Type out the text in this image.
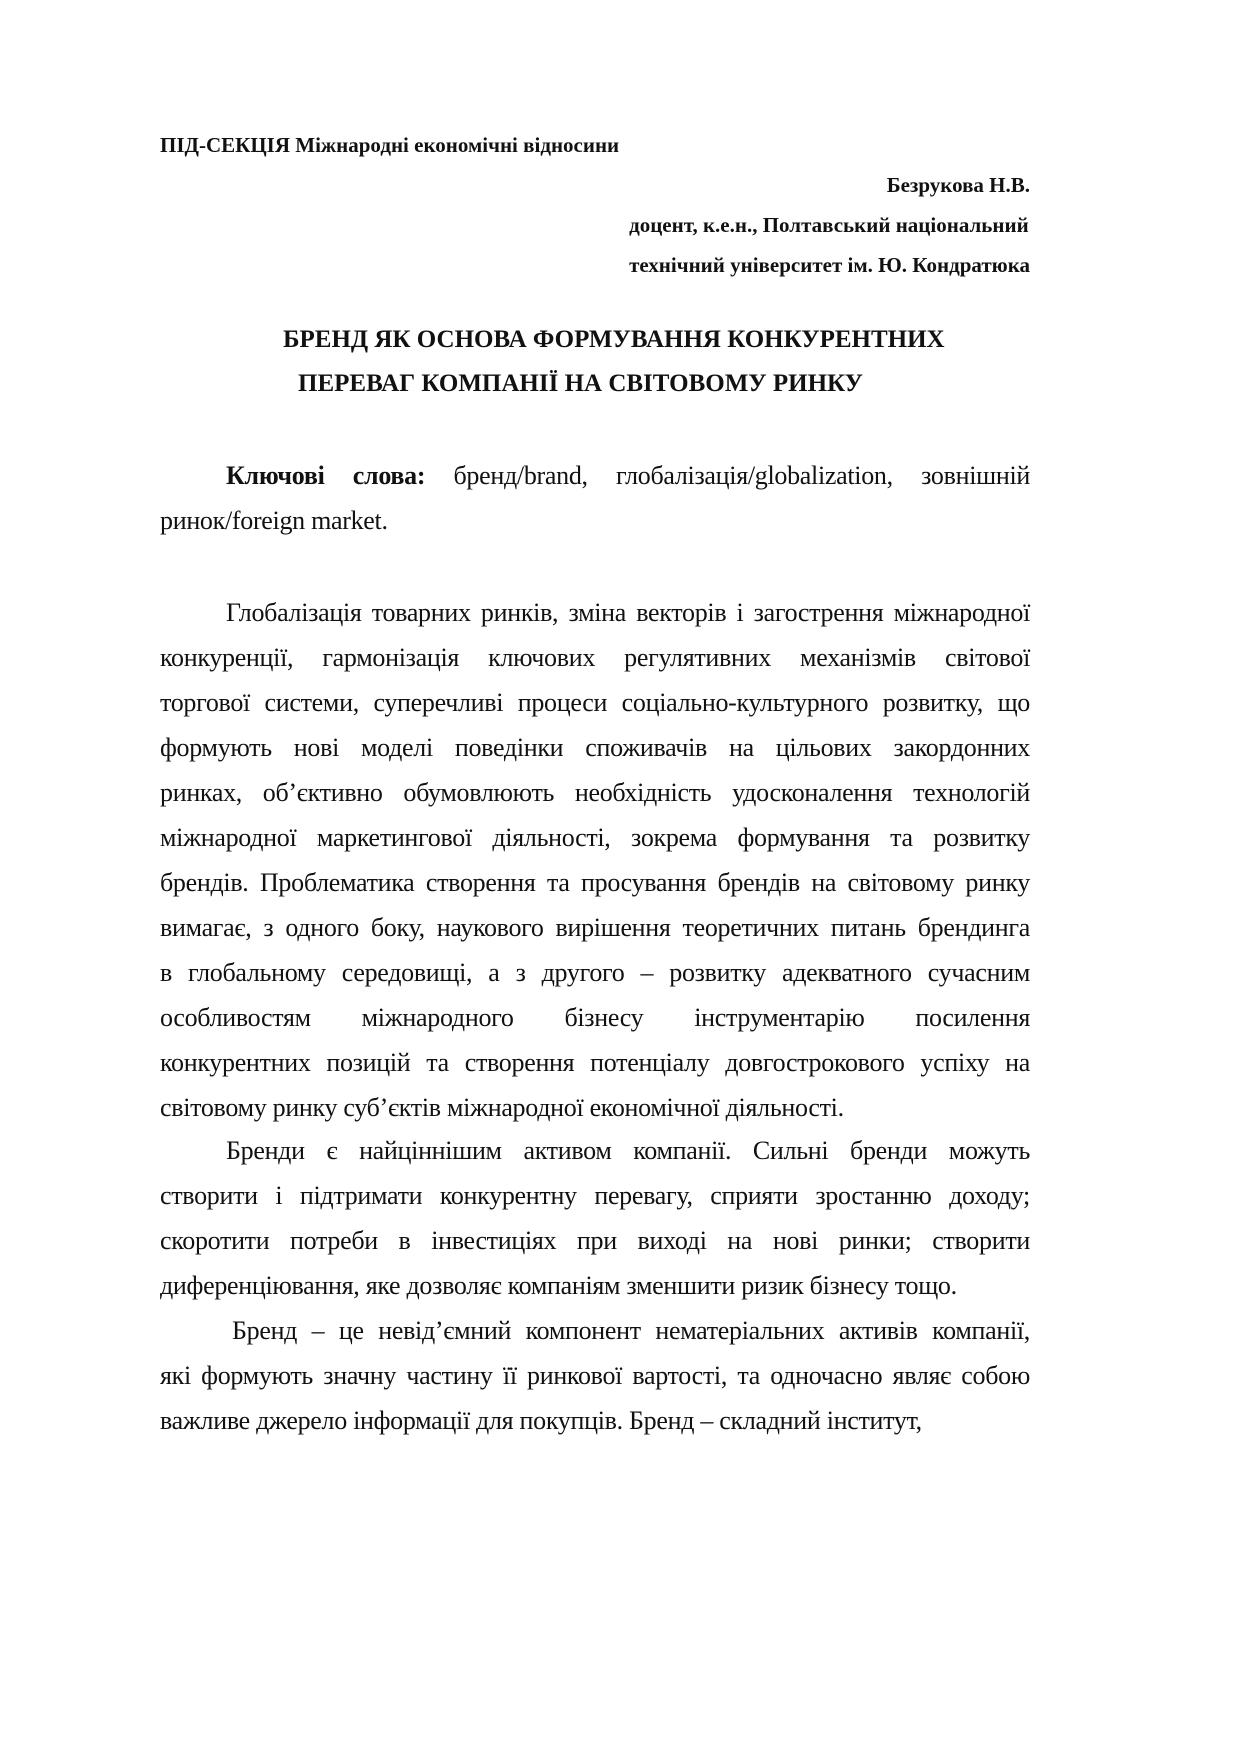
ПІД-СЕКЦІЯ Міжнародні економічні відносини
Безрукова Н.В.
доцент, к.е.н., Полтавський національний
технічний університет ім. Ю. Кондратюка
БРЕНД ЯК ОСНОВА ФОРМУВАННЯ КОНКУРЕНТНИХ
ПЕРЕВАГ КОМПАНІЇ НА СВІТОВОМУ РИНКУ
Ключові слова: бренд/brand, глобалізація/globalization, зовнішній
ринок/foreign market.
Глобалізація товарних ринків, зміна векторів і загострення міжнародної
конкуренції, гармонізація ключових регулятивних механізмів світової
торгової системи, суперечливі процеси соціально-культурного розвитку, що
формують нові моделі поведінки споживачів на цільових закордонних
ринках, об’єктивно обумовлюють необхідність удосконалення технологій
міжнародної маркетингової діяльності, зокрема формування та розвитку
брендів. Проблематика створення та просування брендів на світовому ринку
вимагає, з одного боку, наукового вирішення теоретичних питань брендинга
в глобальному середовищі, а з другого – розвитку адекватного сучасним
особливостям міжнародного бізнесу інструментарію посилення
конкурентних позицій та створення потенціалу довгострокового успіху на
світовому ринку суб’єктів міжнародної економічної діяльності.
Бренди є найціннішим активом компанії. Сильні бренди можуть
створити і підтримати конкурентну перевагу, сприяти зростанню доходу;
скоротити потреби в інвестиціях при виході на нові ринки; створити
диференціювання, яке дозволяє компаніям зменшити ризик бізнесу тощо.
Бренд – це невід’ємний компонент нематеріальних активів компанії,
які формують значну частину її ринкової вартості, та одночасно являє собою
важливе джерело інформації для покупців. Бренд – складний інститут,
